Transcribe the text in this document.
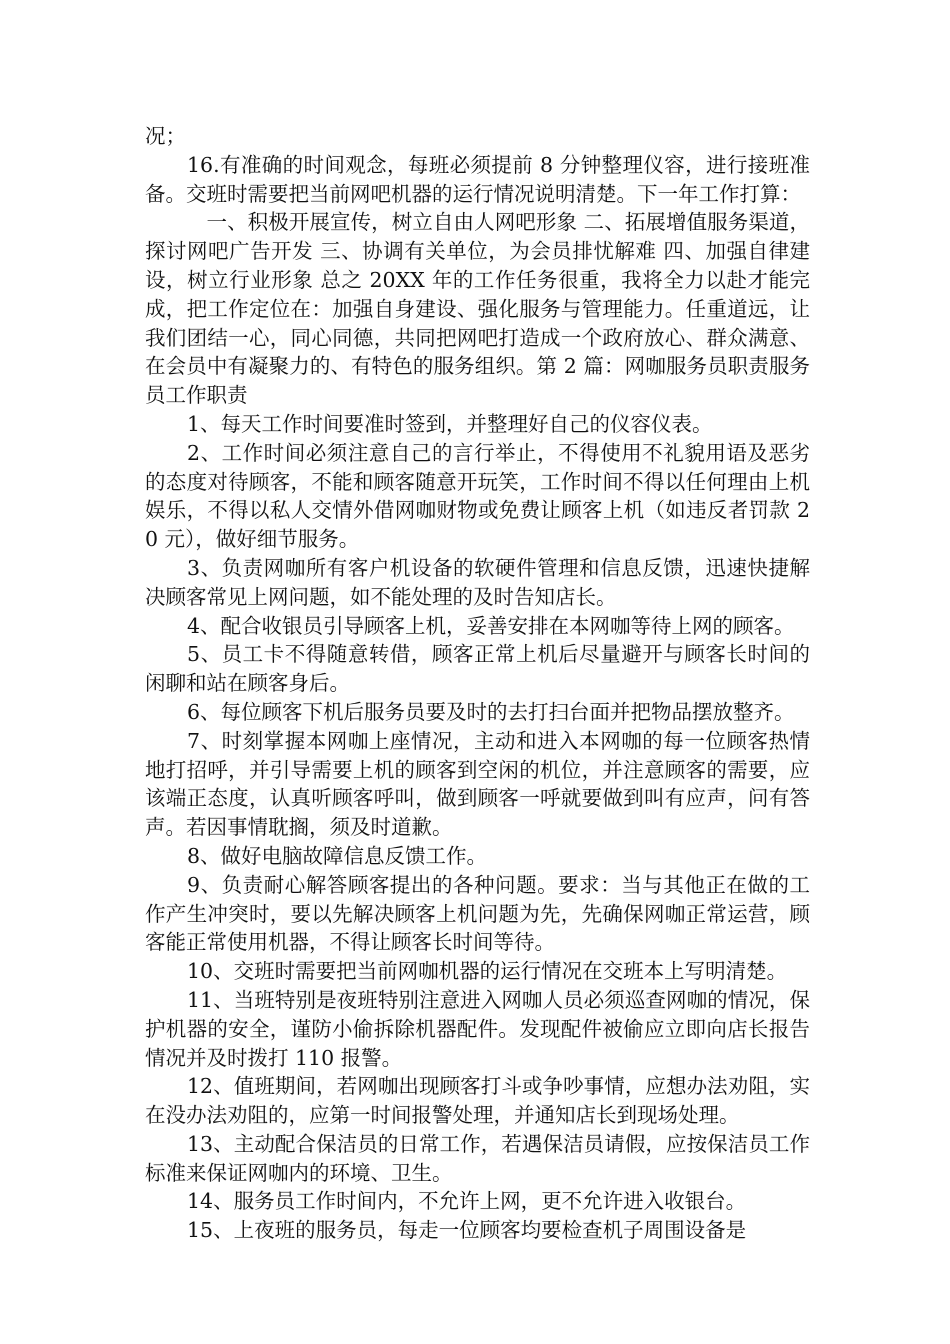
况；

16.有准确的时间观念，每班必须提前 8 分钟整理仪容，进行接班准备。交班时需要把当前网吧机器的运行情况说明清楚。下一年工作打算：

一、积极开展宣传，树立自由人网吧形象 二、拓展增值服务渠道，探讨网吧广告开发 三、协调有关单位，为会员排忧解难 四、加强自律建设，树立行业形象 总之 20XX 年的工作任务很重，我将全力以赴才能完成，把工作定位在：加强自身建设、强化服务与管理能力。任重道远，让我们团结一心，同心同德，共同把网吧打造成一个政府放心、群众满意、在会员中有凝聚力的、有特色的服务组织。第 2 篇：网咖服务员职责服务员工作职责

1、每天工作时间要准时签到，并整理好自己的仪容仪表。

2、工作时间必须注意自己的言行举止，不得使用不礼貌用语及恶劣的态度对待顾客，不能和顾客随意开玩笑，工作时间不得以任何理由上机娱乐，不得以私人交情外借网咖财物或免费让顾客上机（如违反者罚款 20 元），做好细节服务。

3、负责网咖所有客户机设备的软硬件管理和信息反馈，迅速快捷解决顾客常见上网问题，如不能处理的及时告知店长。

4、配合收银员引导顾客上机，妥善安排在本网咖等待上网的顾客。

5、员工卡不得随意转借，顾客正常上机后尽量避开与顾客长时间的闲聊和站在顾客身后。

6、每位顾客下机后服务员要及时的去打扫台面并把物品摆放整齐。

7、时刻掌握本网咖上座情况，主动和进入本网咖的每一位顾客热情地打招呼，并引导需要上机的顾客到空闲的机位，并注意顾客的需要，应该端正态度，认真听顾客呼叫，做到顾客一呼就要做到叫有应声，问有答声。若因事情耽搁，须及时道歉。

8、做好电脑故障信息反馈工作。

9、负责耐心解答顾客提出的各种问题。要求：当与其他正在做的工作产生冲突时，要以先解决顾客上机问题为先，先确保网咖正常运营，顾客能正常使用机器，不得让顾客长时间等待。

10、交班时需要把当前网咖机器的运行情况在交班本上写明清楚。

11、当班特别是夜班特别注意进入网咖人员必须巡查网咖的情况，保护机器的安全，谨防小偷拆除机器配件。发现配件被偷应立即向店长报告情况并及时拨打 110 报警。

12、值班期间，若网咖出现顾客打斗或争吵事情，应想办法劝阻，实在没办法劝阻的，应第一时间报警处理，并通知店长到现场处理。

13、主动配合保洁员的日常工作，若遇保洁员请假，应按保洁员工作标准来保证网咖内的环境、卫生。

14、服务员工作时间内，不允许上网，更不允许进入收银台。

15、上夜班的服务员，每走一位顾客均要检查机子周围设备是
